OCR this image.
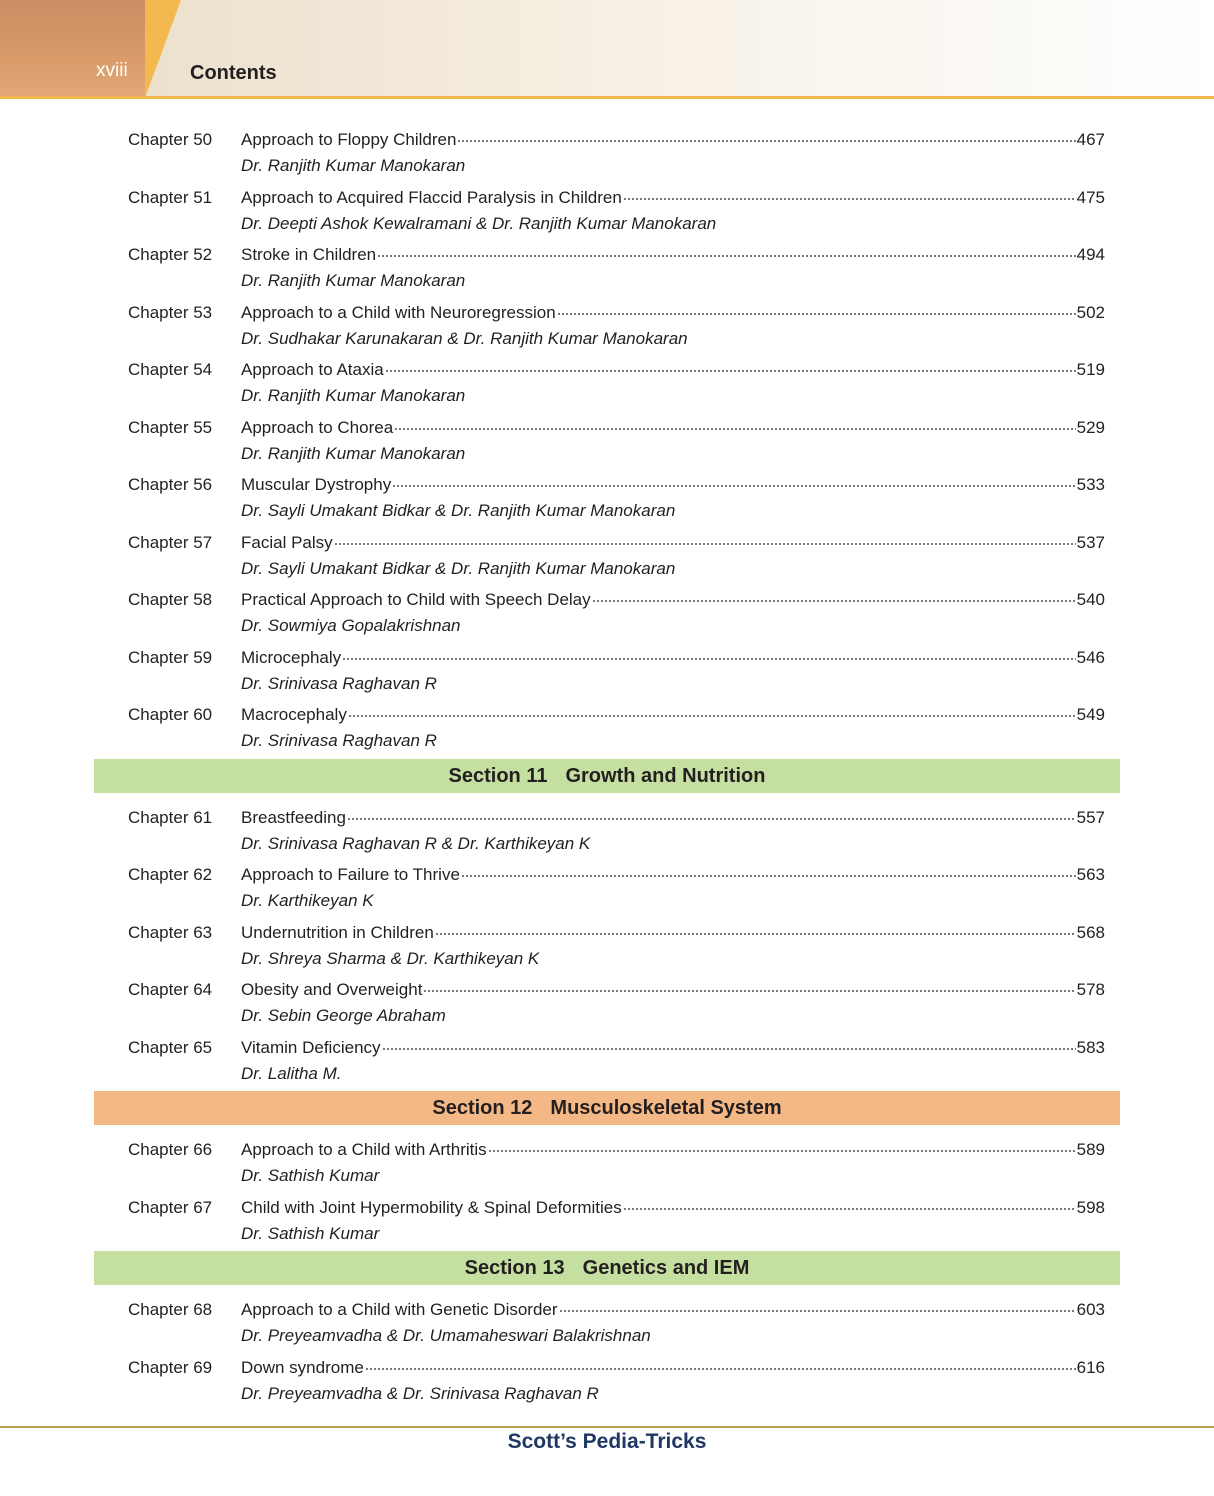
xviii	Contents
Chapter 50 Approach to Floppy Children	467
Dr. Ranjith Kumar Manokaran
Chapter 51 Approach to Acquired Flaccid Paralysis in Children	475
Dr. Deepti Ashok Kewalramani & Dr. Ranjith Kumar Manokaran
Chapter 52 Stroke in Children	494
Dr. Ranjith Kumar Manokaran
Chapter 53 Approach to a Child with Neuroregression	502
Dr. Sudhakar Karunakaran & Dr. Ranjith Kumar Manokaran
Chapter 54 Approach to Ataxia	519
Dr. Ranjith Kumar Manokaran
Chapter 55 Approach to Chorea	529
Dr. Ranjith Kumar Manokaran
Chapter 56 Muscular Dystrophy	533
Dr. Sayli Umakant Bidkar & Dr. Ranjith Kumar Manokaran
Chapter 57 Facial Palsy	537
Dr. Sayli Umakant Bidkar & Dr. Ranjith Kumar Manokaran
Chapter 58 Practical Approach to Child with Speech Delay	540
Dr. Sowmiya Gopalakrishnan
Chapter 59 Microcephaly	546
Dr. Srinivasa Raghavan R
Chapter 60 Macrocephaly	549
Dr. Srinivasa Raghavan R
Section 11 Growth and Nutrition
Chapter 61 Breastfeeding	557
Dr. Srinivasa Raghavan R & Dr. Karthikeyan K
Chapter 62 Approach to Failure to Thrive	563
Dr. Karthikeyan K
Chapter 63 Undernutrition in Children	568
Dr. Shreya Sharma & Dr. Karthikeyan K
Chapter 64 Obesity and Overweight	578
Dr. Sebin George Abraham
Chapter 65 Vitamin Deficiency	583
Dr. Lalitha M.
Section 12 Musculoskeletal System
Chapter 66 Approach to a Child with Arthritis	589
Dr. Sathish Kumar
Chapter 67 Child with Joint Hypermobility & Spinal Deformities	598
Dr. Sathish Kumar
Section 13 Genetics and IEM
Chapter 68 Approach to a Child with Genetic Disorder	603
Dr. Preyeamvadha & Dr. Umamaheswari Balakrishnan
Chapter 69 Down syndrome	616
Dr. Preyeamvadha & Dr. Srinivasa Raghavan R
Scott’s Pedia-Tricks
